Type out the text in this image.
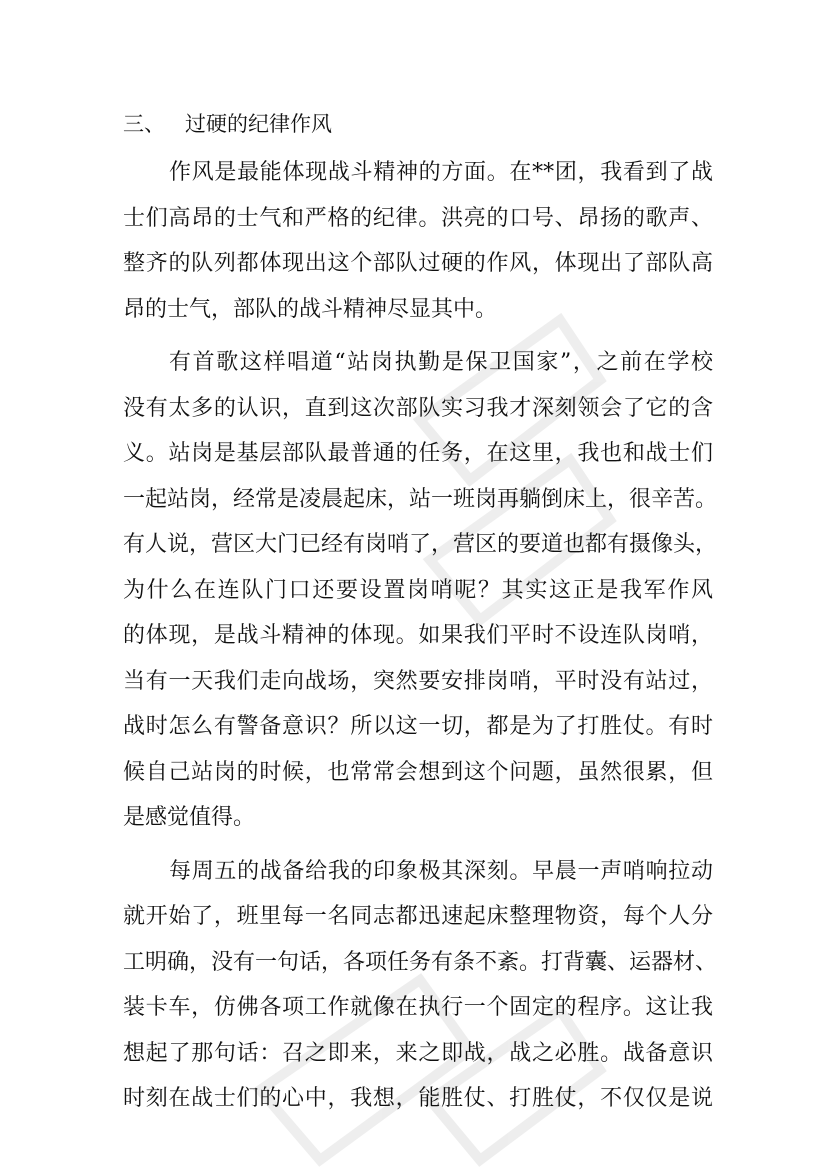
三、 过硬的纪律作风
作风是最能体现战斗精神的方面。在**团，我看到了战
士们高昂的士气和严格的纪律。洪亮的口号、昂扬的歌声、
整齐的队列都体现出这个部队过硬的作风，体现出了部队高
昂的士气，部队的战斗精神尽显其中。
有首歌这样唱道“站岗执勤是保卫国家”，之前在学校
没有太多的认识，直到这次部队实习我才深刻领会了它的含
义。站岗是基层部队最普通的任务，在这里，我也和战士们
一起站岗，经常是凌晨起床，站一班岗再躺倒床上，很辛苦。
有人说，营区大门已经有岗哨了，营区的要道也都有摄像头，
为什么在连队门口还要设置岗哨呢？其实这正是我军作风
的体现，是战斗精神的体现。如果我们平时不设连队岗哨，
当有一天我们走向战场，突然要安排岗哨，平时没有站过，
战时怎么有警备意识？所以这一切，都是为了打胜仗。有时
候自己站岗的时候，也常常会想到这个问题，虽然很累，但
是感觉值得。
每周五的战备给我的印象极其深刻。早晨一声哨响拉动
就开始了，班里每一名同志都迅速起床整理物资，每个人分
工明确，没有一句话，各项任务有条不紊。打背囊、运器材、
装卡车，仿佛各项工作就像在执行一个固定的程序。这让我
想起了那句话：召之即来，来之即战，战之必胜。战备意识
时刻在战士们的心中，我想，能胜仗、打胜仗，不仅仅是说
